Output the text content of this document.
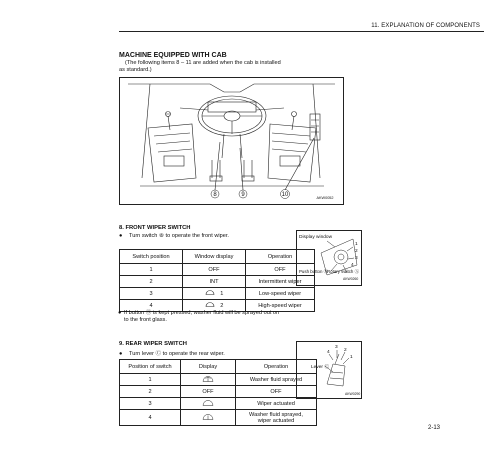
11. EXPLANATION OF COMPONENTS
MACHINE EQUIPPED WITH CAB
(The following items 8 – 11 are added when the cab is installed
as standard.)
8	9	10	AKW0052
8. FRONT WIPER SWITCH
● Turn switch ⑧ to operate the front wiper.
Switch position	Window display	Operation
1	OFF	OFF
2	INT	Intermittent wiper
3	1	Low-speed wiper
4	2	High-speed wiper
● If button Ⓑ is kept pressed, washer fluid will be sprayed out on
to the front glass.
Display window
1
2
3
4
Push button Ⓑ
Rotary switch Ⓐ
AKW0260
9. REAR WIPER SWITCH
● Turn lever Ⓒ to operate the rear wiper.
Position of switch	Display	Operation
1		Washer fluid sprayed
2	OFF	OFF
3		Wiper actuated
4		Washer fluid sprayed,
wiper actuated
4
3
2
1
Lever Ⓒ
AKW0290
2-13
